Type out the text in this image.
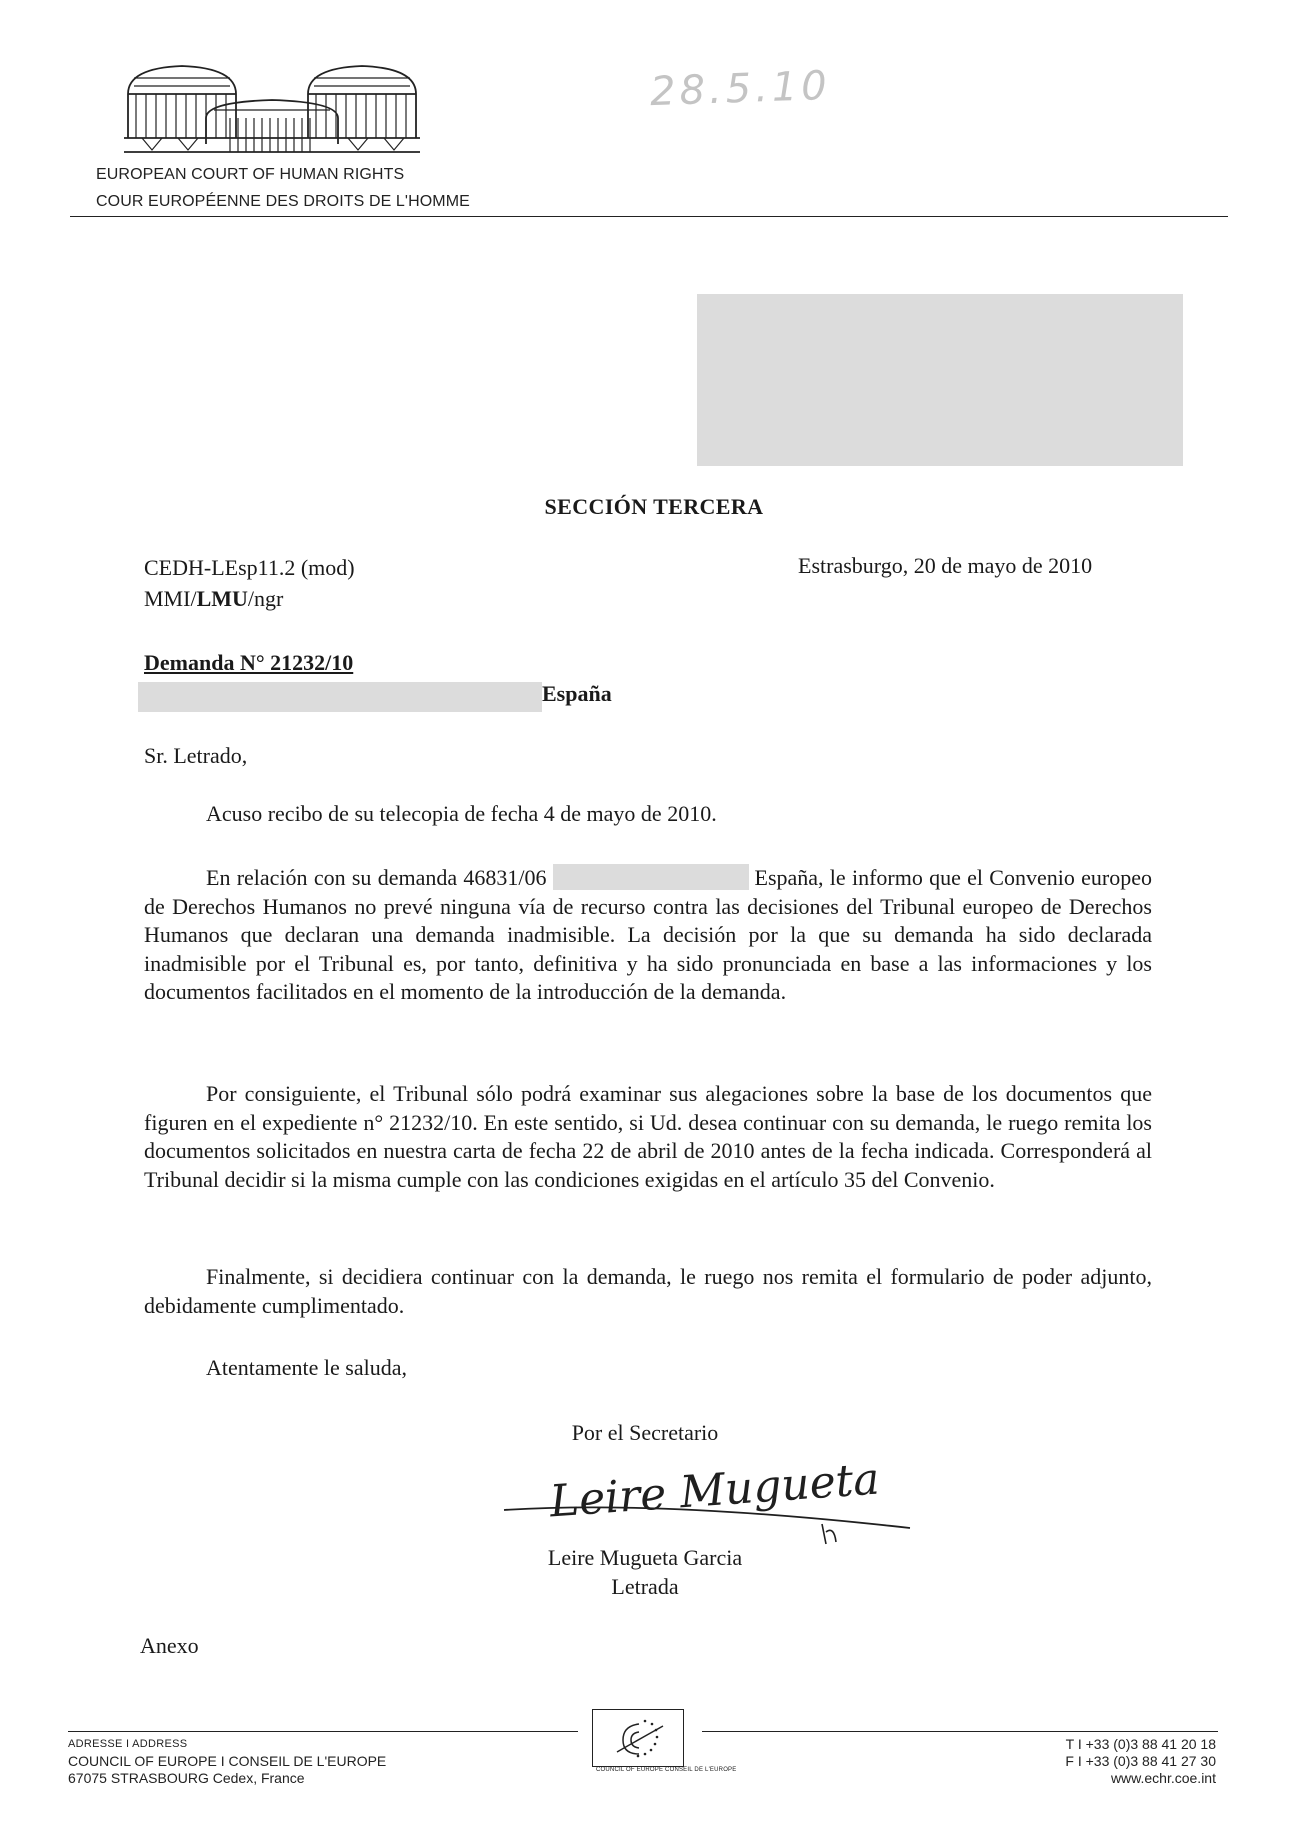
EUROPEAN COURT OF HUMAN RIGHTS
COUR EUROPÉENNE DES DROITS DE L'HOMME
28.5.10
SECCIÓN TERCERA
CEDH-LEsp11.2 (mod)
MMI/LMU/ngr
Estrasburgo, 20 de mayo de 2010
Demanda N° 21232/10
España
Sr. Letrado,

Acuso recibo de su telecopia de fecha 4 de mayo de 2010.

En relación con su demanda 46831/06	España, le informo que el Convenio europeo de Derechos Humanos no prevé ninguna vía de recurso contra las decisiones del Tribunal europeo de Derechos Humanos que declaran una demanda inadmisible. La decisión por la que su demanda ha sido declarada inadmisible por el Tribunal es, por tanto, definitiva y ha sido pronunciada en base a las informaciones y los documentos facilitados en el momento de la introducción de la demanda.

Por consiguiente, el Tribunal sólo podrá examinar sus alegaciones sobre la base de los documentos que figuren en el expediente n° 21232/10. En este sentido, si Ud. desea continuar con su demanda, le ruego remita los documentos solicitados en nuestra carta de fecha 22 de abril de 2010 antes de la fecha indicada. Corresponderá al Tribunal decidir si la misma cumple con las condiciones exigidas en el artículo 35 del Convenio.

Finalmente, si decidiera continuar con la demanda, le ruego nos remita el formulario de poder adjunto, debidamente cumplimentado.

Atentamente le saluda,
Por el Secretario
Leire Mugueta
Leire Mugueta Garcia
Letrada
Anexo
ADRESSE I ADDRESS
COUNCIL OF EUROPE I CONSEIL DE L'EUROPE
67075 STRASBOURG Cedex, France	COUNCIL OF EUROPE CONSEIL DE L'EUROPE
T I +33 (0)3 88 41 20 18
F I +33 (0)3 88 41 27 30
www.echr.coe.int
